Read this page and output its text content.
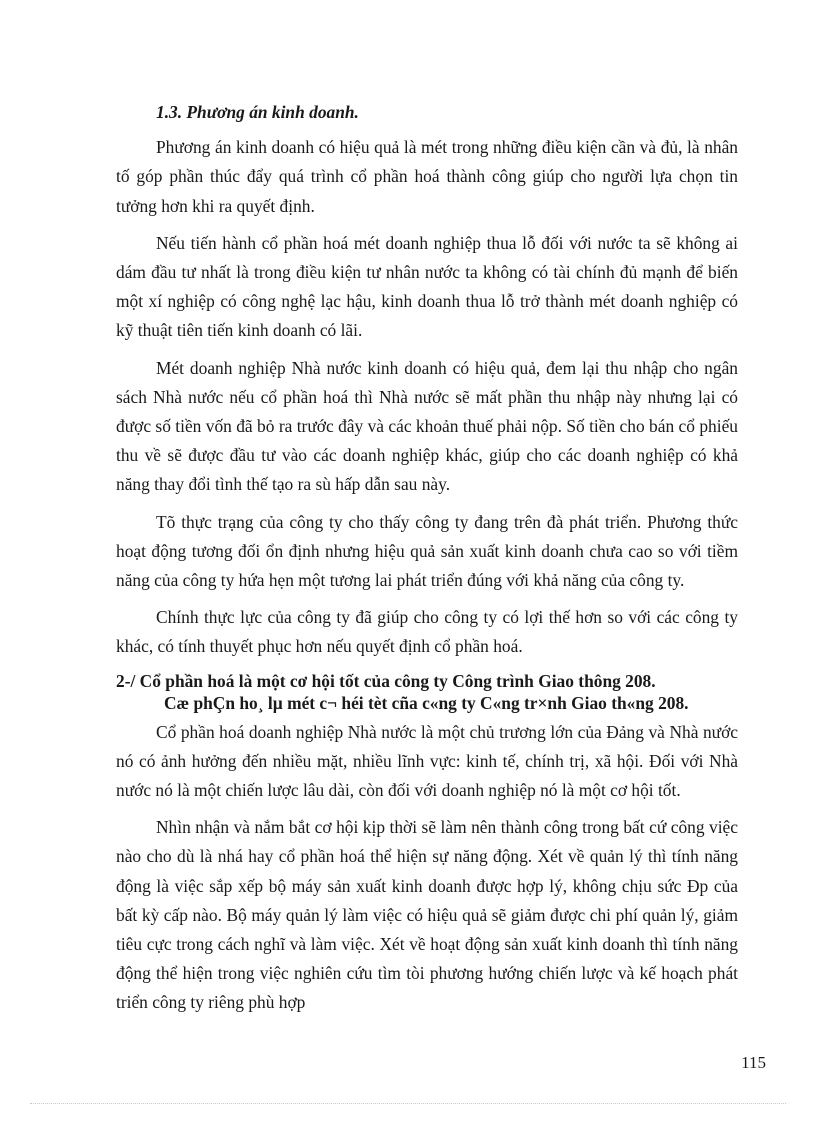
1.3. Phương án kinh doanh.

Phương án kinh doanh có hiệu quả là mét trong những điều kiện cần và đủ, là nhân tố góp phần thúc đẩy quá trình cổ phần hoá thành công giúp cho người lựa chọn tin tưởng hơn khi ra quyết định.

Nếu tiến hành cổ phần hoá mét doanh nghiệp thua lỗ đối với nước ta sẽ không ai dám đầu tư nhất là trong điều kiện tư nhân nước ta không có tài chính đủ mạnh để biến một xí nghiệp có công nghệ lạc hậu, kinh doanh thua lỗ trở thành mét doanh nghiệp có kỹ thuật tiên tiến kinh doanh có lãi.

Mét doanh nghiệp Nhà nước kinh doanh có hiệu quả, đem lại thu nhập cho ngân sách Nhà nước nếu cổ phần hoá thì Nhà nước sẽ mất phần thu nhập này nhưng lại có được số tiền vốn đã bỏ ra trước đây và các khoản thuế phải nộp. Số tiền cho bán cổ phiếu thu về sẽ được đầu tư vào các doanh nghiệp khác, giúp cho các doanh nghiệp có khả năng thay đổi tình thế tạo ra sù hấp dẫn sau này.

Tõ thực trạng của công ty cho thấy công ty đang trên đà phát triển. Phương thức hoạt động tương đối ổn định nhưng hiệu quả sản xuất kinh doanh chưa cao so với tiềm năng của công ty hứa hẹn một tương lai phát triển đúng với khả năng của công ty.

Chính thực lực của công ty đã giúp cho công ty có lợi thế hơn so với các công ty khác, có tính thuyết phục hơn nếu quyết định cổ phần hoá.

2-/ Cổ phần hoá là một cơ hội tốt của công ty Công trình Giao thông 208.
Cæ phÇn ho¸ lµ mét c¬ héi tèt cña c«ng ty C«ng tr×nh Giao th«ng 208.

Cổ phần hoá doanh nghiệp Nhà nước là một chủ trương lớn của Đảng và Nhà nước nó có ảnh hưởng đến nhiều mặt, nhiều lĩnh vực: kinh tế, chính trị, xã hội. Đối với Nhà nước nó là một chiến lược lâu dài, còn đối với doanh nghiệp nó là một cơ hội tốt.

Nhìn nhận và nắm bắt cơ hội kịp thời sẽ làm nên thành công trong bất cứ công việc nào cho dù là nhá hay cổ phần hoá thể hiện sự năng động. Xét về quản lý thì tính năng động là việc sắp xếp bộ máy sản xuất kinh doanh được hợp lý, không chịu sức Ðp của bất kỳ cấp nào. Bộ máy quản lý làm việc có hiệu quả sẽ giảm được chi phí quản lý, giảm tiêu cực trong cách nghĩ và làm việc. Xét về hoạt động sản xuất kinh doanh thì tính năng động thể hiện trong việc nghiên cứu tìm tòi phương hướng chiến lược và kế hoạch phát triển công ty riêng phù hợp

115
